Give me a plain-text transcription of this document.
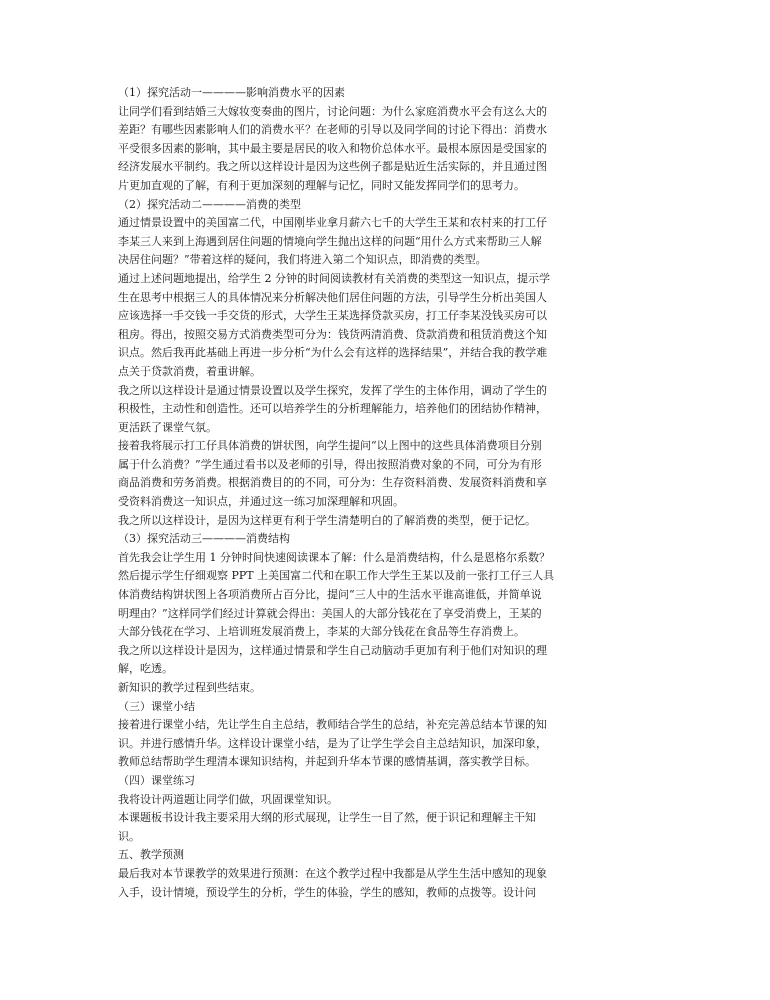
（1）探究活动一————影响消费水平的因素
让同学们看到结婚三大嫁妆变奏曲的图片，讨论问题：为什么家庭消费水平会有这么大的
差距？有哪些因素影响人们的消费水平？在老师的引导以及同学间的讨论下得出：消费水
平受很多因素的影响，其中最主要是居民的收入和物价总体水平。最根本原因是受国家的
经济发展水平制约。我之所以这样设计是因为这些例子都是贴近生活实际的，并且通过图
片更加直观的了解，有利于更加深刻的理解与记忆，同时又能发挥同学们的思考力。
（2）探究活动二————消费的类型
通过情景设置中的美国富二代，中国刚毕业拿月薪六七千的大学生王某和农村来的打工仔
李某三人来到上海遇到居住问题的情境向学生抛出这样的问题“用什么方式来帮助三人解
决居住问题？”带着这样的疑问，我们将进入第二个知识点，即消费的类型。
通过上述问题地提出，给学生 2 分钟的时间阅读教材有关消费的类型这一知识点，提示学
生在思考中根据三人的具体情况来分析解决他们居住问题的方法，引导学生分析出美国人
应该选择一手交钱一手交货的形式，大学生王某选择贷款买房，打工仔李某没钱买房可以
租房。得出，按照交易方式消费类型可分为：钱货两清消费、贷款消费和租赁消费这个知
识点。然后我再此基础上再进一步分析“为什么会有这样的选择结果”，并结合我的教学难
点关于贷款消费，着重讲解。
我之所以这样设计是通过情景设置以及学生探究，发挥了学生的主体作用，调动了学生的
积极性，主动性和创造性。还可以培养学生的分析理解能力，培养他们的团结协作精神，
更活跃了课堂气氛。
接着我将展示打工仔具体消费的饼状图，向学生提问“以上图中的这些具体消费项目分别
属于什么消费？”学生通过看书以及老师的引导，得出按照消费对象的不同，可分为有形
商品消费和劳务消费。根据消费目的的不同，可分为：生存资料消费、发展资料消费和享
受资料消费这一知识点，并通过这一练习加深理解和巩固。
我之所以这样设计，是因为这样更有利于学生清楚明白的了解消费的类型，便于记忆。
（3）探究活动三————消费结构
首先我会让学生用 1 分钟时间快速阅读课本了解：什么是消费结构，什么是恩格尔系数？
然后提示学生仔细观察 PPT 上美国富二代和在职工作大学生王某以及前一张打工仔三人具
体消费结构饼状图上各项消费所占百分比，提问“三人中的生活水平谁高谁低，并简单说
明理由？”这样同学们经过计算就会得出：美国人的大部分钱花在了享受消费上，王某的
大部分钱花在学习、上培训班发展消费上，李某的大部分钱花在食品等生存消费上。
我之所以这样设计是因为，这样通过情景和学生自己动脑动手更加有利于他们对知识的理
解，吃透。
新知识的教学过程到些结束。
（三）课堂小结
接着进行课堂小结，先让学生自主总结，教师结合学生的总结，补充完善总结本节课的知
识。并进行感情升华。这样设计课堂小结，是为了让学生学会自主总结知识，加深印象，
教师总结帮助学生理清本课知识结构，并起到升华本节课的感情基调，落实教学目标。
（四）课堂练习
我将设计两道题让同学们做，巩固课堂知识。
本课题板书设计我主要采用大纲的形式展现，让学生一目了然，便于识记和理解主干知
识。
五、教学预测
最后我对本节课教学的效果进行预测：在这个教学过程中我都是从学生生活中感知的现象
入手，设计情境，预设学生的分析，学生的体验，学生的感知，教师的点拨等。设计问
